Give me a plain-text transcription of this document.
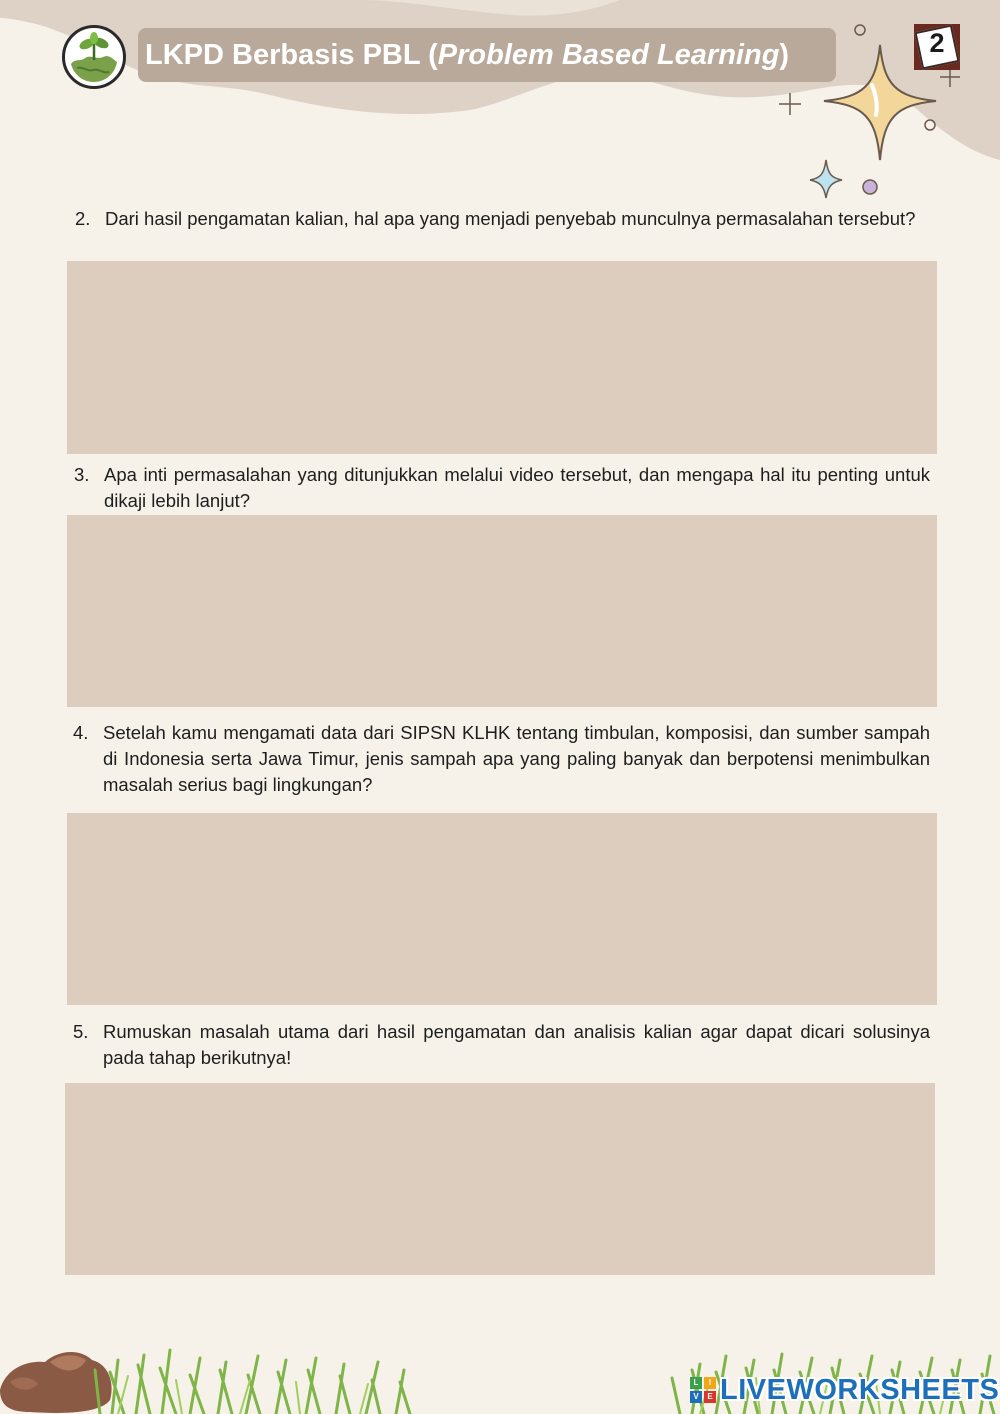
LKPD Berbasis PBL ( Problem Based Learning )	2
2. Dari hasil pengamatan kalian, hal apa yang menjadi penyebab munculnya permasalahan tersebut?
3. Apa inti permasalahan yang ditunjukkan melalui video tersebut, dan mengapa hal itu penting untuk dikaji lebih lanjut?
4. Setelah kamu mengamati data dari SIPSN KLHK tentang timbulan, komposisi, dan sumber sampah di Indonesia serta Jawa Timur, jenis sampah apa yang paling banyak dan berpotensi menimbulkan masalah serius bagi lingkungan?
5. Rumuskan masalah utama dari hasil pengamatan dan analisis kalian agar dapat dicari solusinya pada tahap berikutnya!
L	I
V	E LIVEWORKSHEETS
